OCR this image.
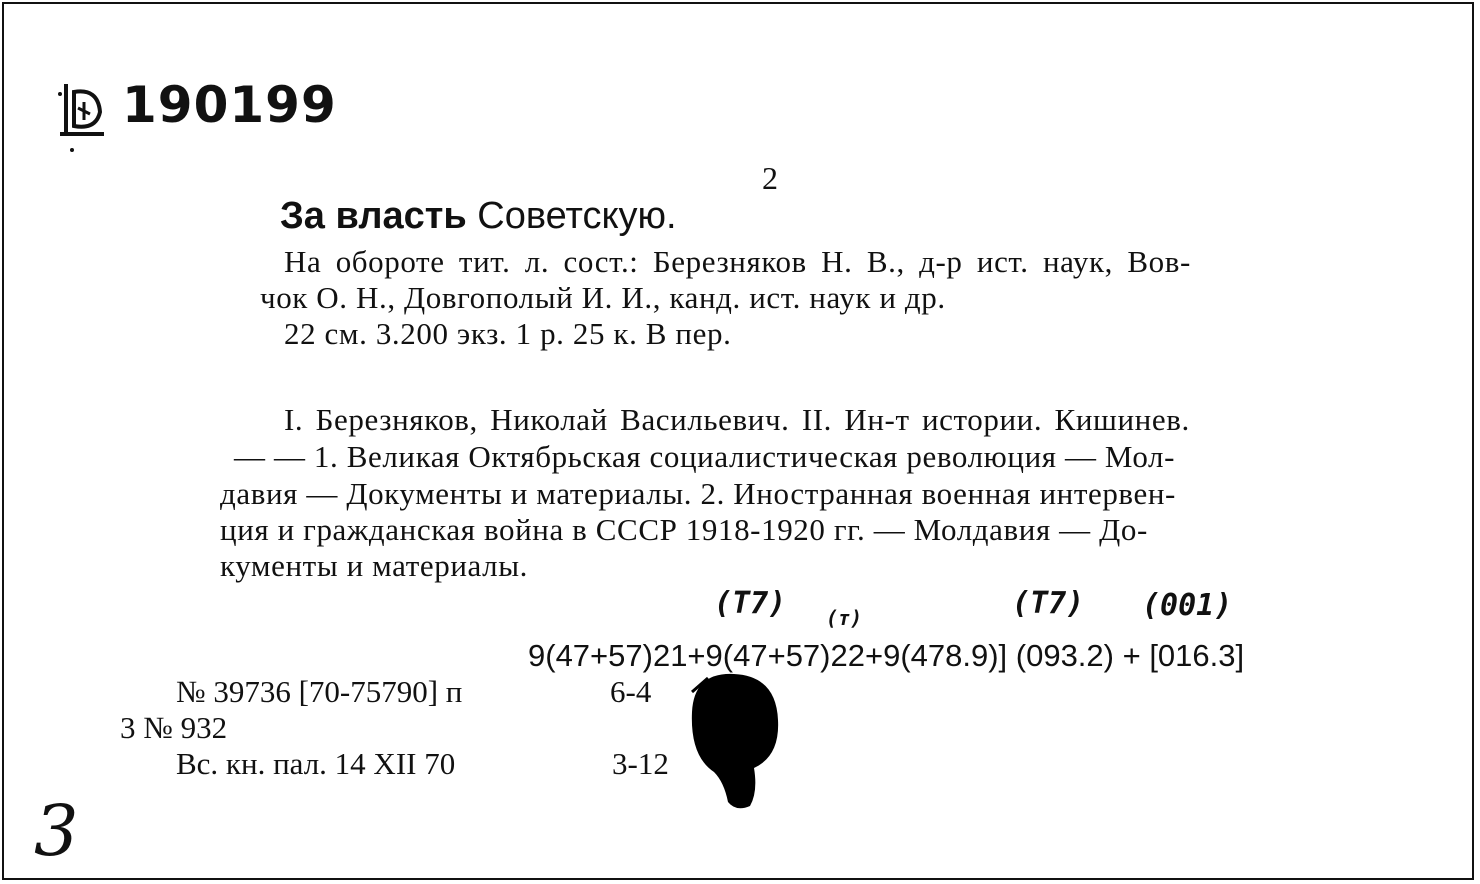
190199
2
За власть Советскую.
На обороте тит. л. сост.: Березняков Н. В., д-р ист. наук, Вов-
чок О. Н., Довгополый И. И., канд. ист. наук и др.
22 см. 3.200 экз. 1 р. 25 к. В пер.
I. Березняков, Николай Васильевич. II. Ин-т истории. Кишинев.
— — 1. Великая Октябрьская социалистическая революция — Мол-
давия — Документы и материалы. 2. Иностранная военная интервен-
ция и гражданская война в СССР 1918-1920 гг. — Молдавия — До-
кументы и материалы.
(Т7) (т)	(Т7) (001)
9(47+57)21+9(47+57)22+9(478.9)] (093.2) + [016.3]
№ 39736 [70-75790] п	6-4
3 № 932
Вс. кн. пал. 14 XII 70	3-12
3
